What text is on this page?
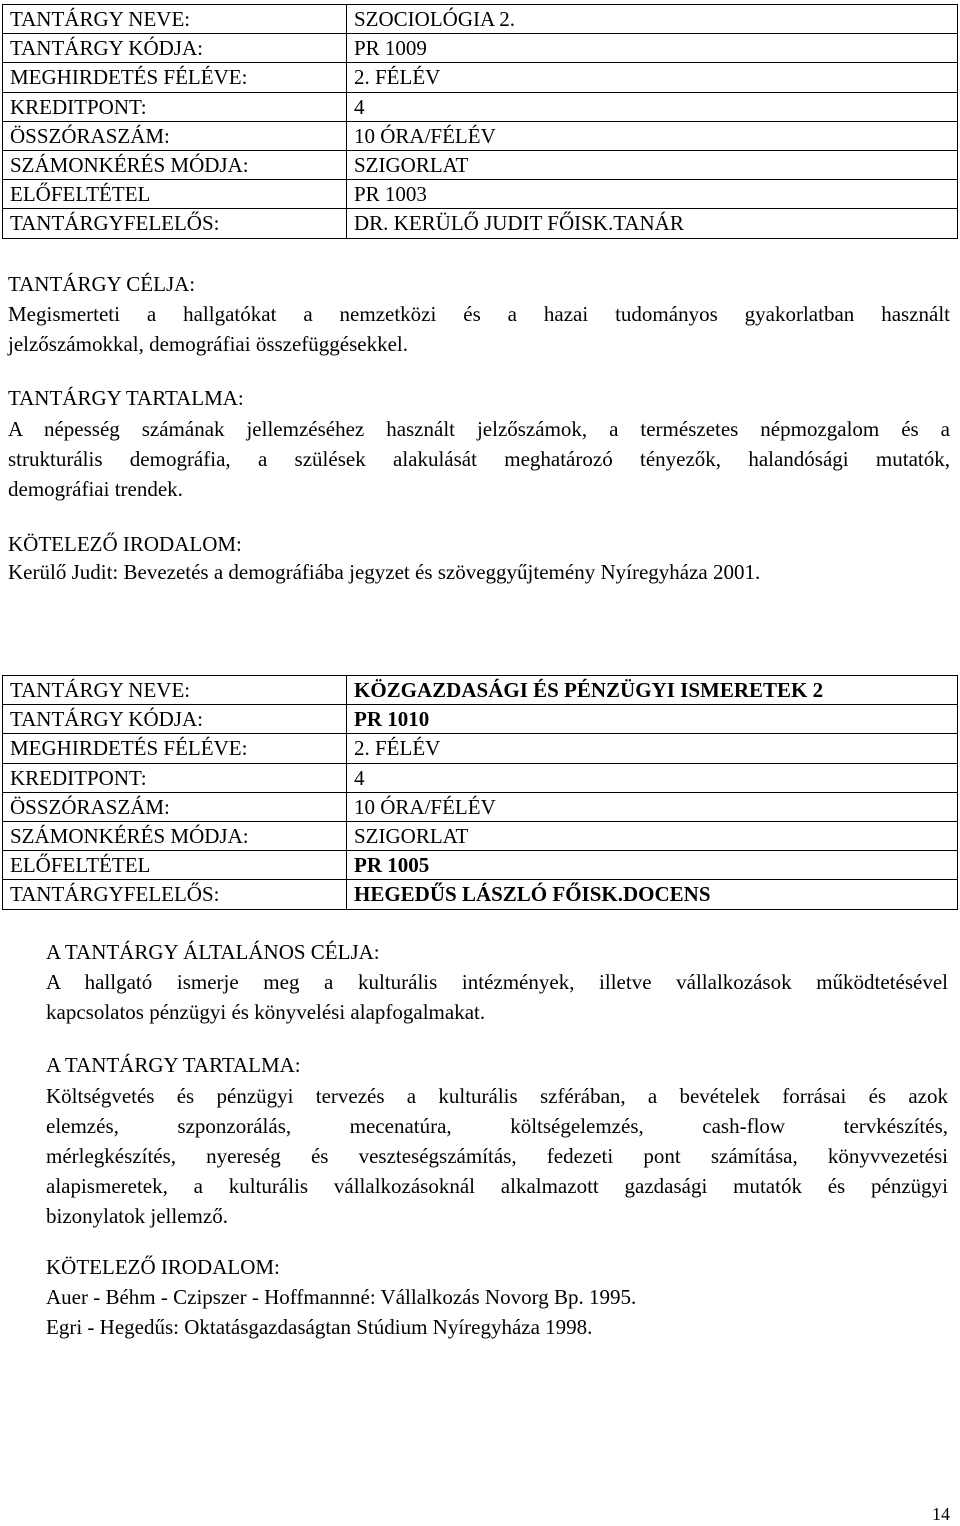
TANTÁRGY NEVE:	SZOCIOLÓGIA 2.
TANTÁRGY KÓDJA:	PR 1009
MEGHIRDETÉS FÉLÉVE:	2. FÉLÉV
KREDITPONT:	4
ÖSSZÓRASZÁM:	10 ÓRA/FÉLÉV
SZÁMONKÉRÉS MÓDJA:	SZIGORLAT
ELŐFELTÉTEL	PR 1003
TANTÁRGYFELELŐS:	DR. KERÜLŐ JUDIT FŐISK.TANÁR
TANTÁRGY CÉLJA:
Megismerteti a hallgatókat a nemzetközi és a hazai tudományos gyakorlatban használt
jelzőszámokkal, demográfiai összefüggésekkel.
TANTÁRGY TARTALMA:
A népesség számának jellemzéséhez használt jelzőszámok, a természetes népmozgalom és a
strukturális demográfia, a szülések alakulását meghatározó tényezők, halandósági mutatók,
demográfiai trendek.
KÖTELEZŐ IRODALOM:
Kerülő Judit: Bevezetés a demográfiába jegyzet és szöveggyűjtemény Nyíregyháza 2001.
TANTÁRGY NEVE:	KÖZGAZDASÁGI ÉS PÉNZÜGYI ISMERETEK 2
TANTÁRGY KÓDJA:	PR 1010
MEGHIRDETÉS FÉLÉVE:	2. FÉLÉV
KREDITPONT:	4
ÖSSZÓRASZÁM:	10 ÓRA/FÉLÉV
SZÁMONKÉRÉS MÓDJA:	SZIGORLAT
ELŐFELTÉTEL	PR 1005
TANTÁRGYFELELŐS:	HEGEDŰS LÁSZLÓ FŐISK.DOCENS
A TANTÁRGY ÁLTALÁNOS CÉLJA:
A hallgató ismerje meg a kulturális intézmények, illetve vállalkozások működtetésével
kapcsolatos pénzügyi és könyvelési alapfogalmakat.
A TANTÁRGY TARTALMA:
Költségvetés és pénzügyi tervezés a kulturális szférában, a bevételek forrásai és azok
elemzés, szponzorálás, mecenatúra, költségelemzés, cash-flow tervkészítés,
mérlegkészítés, nyereség és veszteségszámítás, fedezeti pont számítása, könyvvezetési
alapismeretek, a kulturális vállalkozásoknál alkalmazott gazdasági mutatók és pénzügyi
bizonylatok jellemző.
KÖTELEZŐ IRODALOM:
Auer - Béhm - Czipszer - Hoffmannné: Vállalkozás Novorg Bp. 1995.
Egri - Hegedűs: Oktatásgazdaságtan Stúdium Nyíregyháza 1998.
14
